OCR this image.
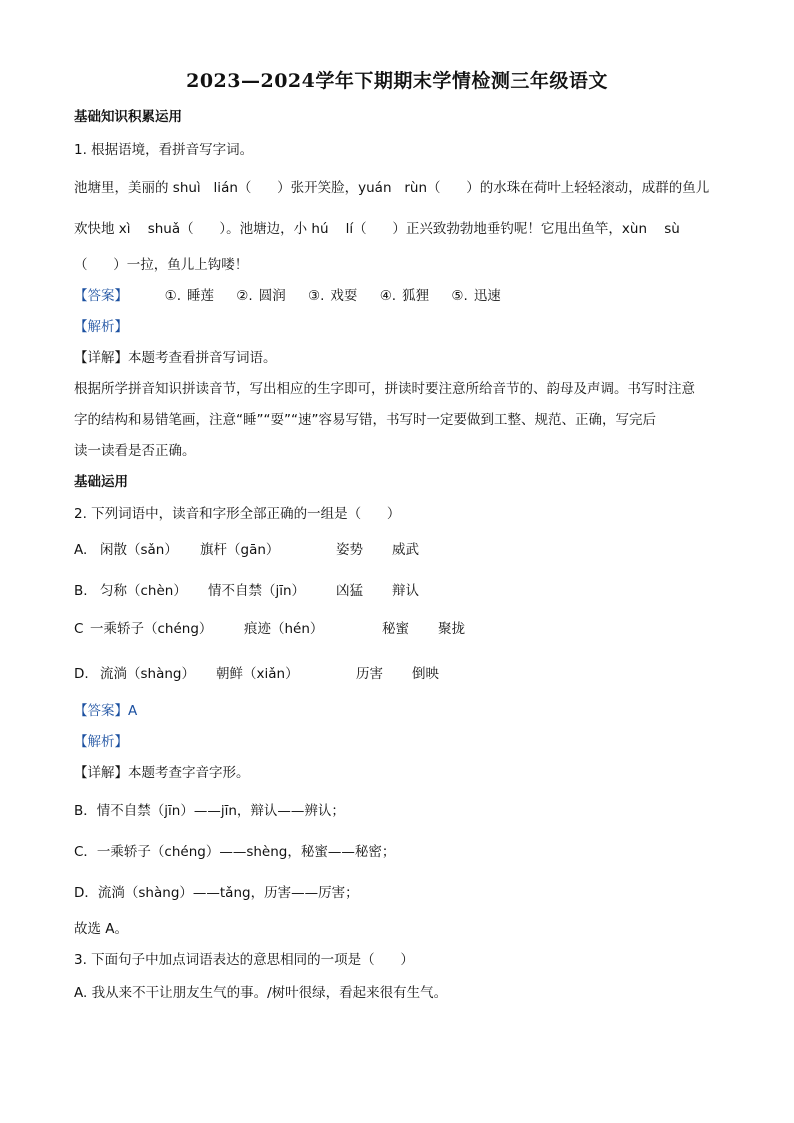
2023—2024学年下期期末学情检测三年级语文
基础知识积累运用
1. 根据语境，看拼音写字词。
池塘里，美丽的 shuì   lián（      ）张开笑脸，yuán   rùn（      ）的水珠在荷叶上轻轻滚动，成群的鱼儿
欢快地 xì    shuǎ（      ）。池塘边，小 hú    lí（      ）正兴致勃勃地垂钓呢！它甩出鱼竿，xùn    sù
（      ）一拉，鱼儿上钩喽！
【答案】	①. 睡莲 ②. 圆润 ③. 戏耍 ④. 狐狸 ⑤. 迅速
【解析】
【详解】本题考查看拼音写词语。
根据所学拼音知识拼读音节，写出相应的生字即可，拼读时要注意所给音节的、韵母及声调。书写时注意
字的结构和易错笔画，注意“睡”“耍”“速”容易写错，书写时一定要做到工整、规范、正确，写完后
读一读看是否正确。
基础运用
2. 下列词语中，读音和字形全部正确的一组是（      ）
A. 闲散（sǎn） 旗杆（gān）	姿势 威武
B. 匀称（chèn） 情不自禁（jīn） 凶猛 辩认
C 一乘轿子（chéng） 痕迹（hén）	秘蜜 聚拢
D. 流淌（shàng） 朝鲜（xiǎn）	历害 倒映
【答案】A
【解析】
【详解】本题考查字音字形。
B．情不自禁（jīn）——jīn，辩认——辨认；
C．一乘轿子（chéng）——shèng，秘蜜——秘密；
D．流淌（shàng）——tǎng，历害——厉害；
故选 A。
3. 下面句子中加点词语表达的意思相同的一项是（      ）
A. 我从来不干让朋友生气的事。/树叶很绿，看起来很有生气。
